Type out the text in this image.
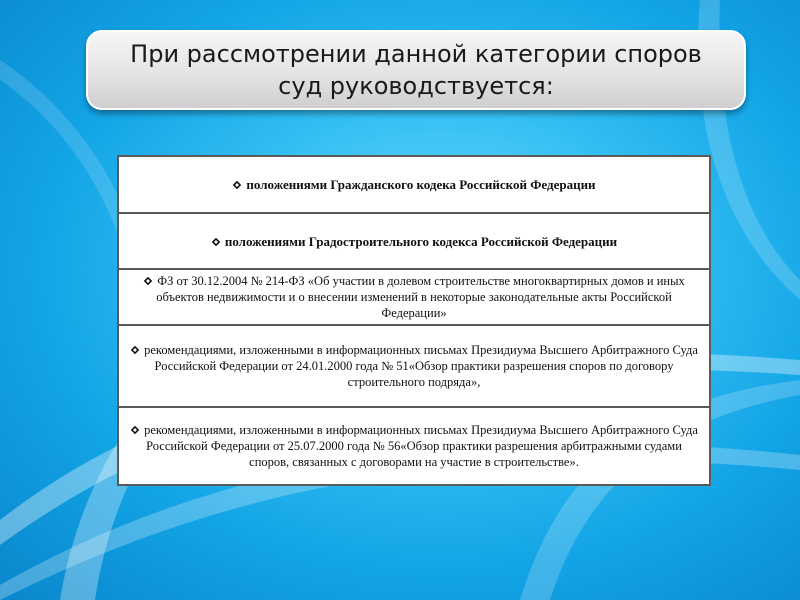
При рассмотрении данной категории споров
суд руководствуется:
положениями Гражданского кодека Российской Федерации
положениями Градостроительного кодекса Российской Федерации
ФЗ от 30.12.2004 № 214-ФЗ «Об участии в долевом строительстве многоквартирных домов и иных объектов недвижимости и о внесении изменений в некоторые законодательные акты Российской Федерации»
рекомендациями, изложенными в информационных письмах Президиума Высшего Арбитражного Суда Российской Федерации от 24.01.2000 года № 51«Обзор практики разрешения споров по договору строительного подряда»,
рекомендациями, изложенными в информационных письмах Президиума Высшего Арбитражного Суда Российской Федерации от 25.07.2000 года № 56«Обзор практики разрешения арбитражными судами споров, связанных с договорами на участие в строительстве».
